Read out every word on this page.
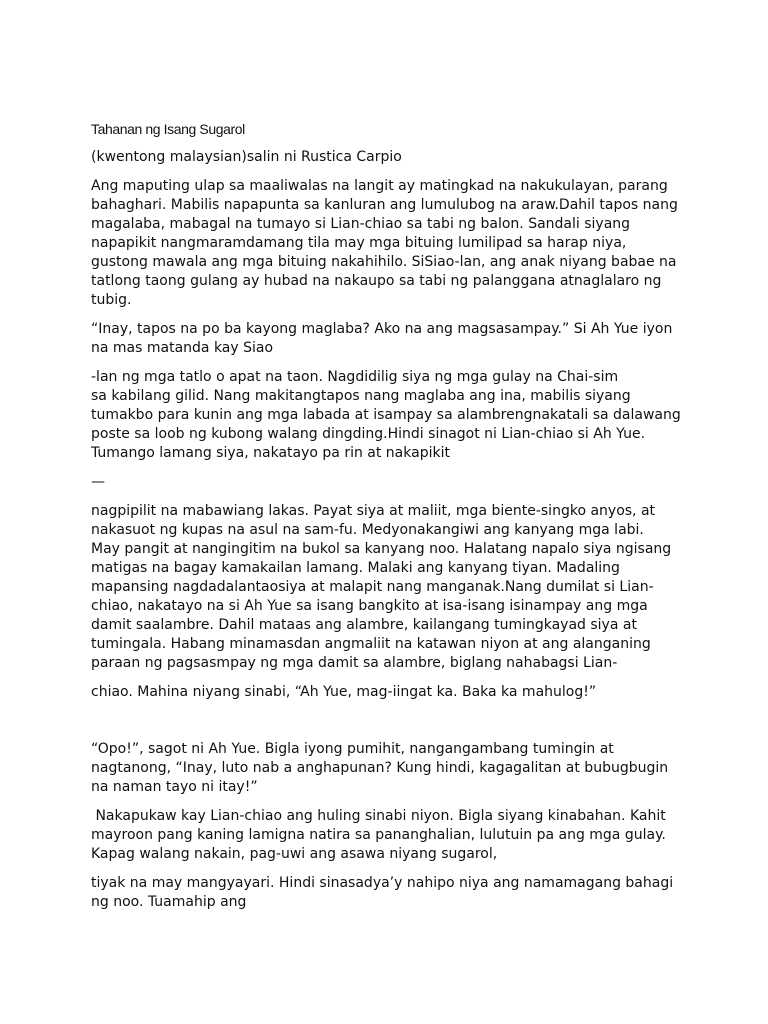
Tahanan ng Isang Sugarol
(kwentong malaysian)salin ni Rustica Carpio
Ang maputing ulap sa maaliwalas na langit ay matingkad na nakukulayan, parang
bahaghari. Mabilis napapunta sa kanluran ang lumulubog na araw.Dahil tapos nang
magalaba, mabagal na tumayo si Lian-chiao sa tabi ng balon. Sandali siyang
napapikit nangmaramdamang tila may mga bituing lumilipad sa harap niya,
gustong mawala ang mga bituing nakahihilo. SiSiao-lan, ang anak niyang babae na
tatlong taong gulang ay hubad na nakaupo sa tabi ng palanggana atnaglalaro ng
tubig.
“Inay, tapos na po ba kayong maglaba? Ako na ang magsasampay.” Si Ah Yue iyon
na mas matanda kay Siao
-lan ng mga tatlo o apat na taon. Nagdidilig siya ng mga gulay na Chai-sim
sa kabilang gilid. Nang makitangtapos nang maglaba ang ina, mabilis siyang
tumakbo para kunin ang mga labada at isampay sa alambrengnakatali sa dalawang
poste sa loob ng kubong walang dingding.Hindi sinagot ni Lian-chiao si Ah Yue.
Tumango lamang siya, nakatayo pa rin at nakapikit
—
nagpipilit na mabawiang lakas. Payat siya at maliit, mga biente-singko anyos, at
nakasuot ng kupas na asul na sam-fu. Medyonakangiwi ang kanyang mga labi.
May pangit at nangingitim na bukol sa kanyang noo. Halatang napalo siya ngisang
matigas na bagay kamakailan lamang. Malaki ang kanyang tiyan. Madaling
mapansing nagdadalantaosiya at malapit nang manganak.Nang dumilat si Lian-
chiao, nakatayo na si Ah Yue sa isang bangkito at isa-isang isinampay ang mga
damit saalambre. Dahil mataas ang alambre, kailangang tumingkayad siya at
tumingala. Habang minamasdan angmaliit na katawan niyon at ang alanganing
paraan ng pagsasmpay ng mga damit sa alambre, biglang nahabagsi Lian-
chiao. Mahina niyang sinabi, “Ah Yue, mag-iingat ka. Baka ka mahulog!”
“Opo!”, sagot ni Ah Yue. Bigla iyong pumihit, nangangambang tumingin at
nagtanong, “Inay, luto nab a anghapunan? Kung hindi, kagagalitan at bubugbugin
na naman tayo ni itay!”
Nakapukaw kay Lian-chiao ang huling sinabi niyon. Bigla siyang kinabahan. Kahit
mayroon pang kaning lamigna natira sa pananghalian, lulutuin pa ang mga gulay.
Kapag walang nakain, pag-uwi ang asawa niyang sugarol,
tiyak na may mangyayari. Hindi sinasadya’y nahipo niya ang namamagang bahagi
ng noo. Tuamahip ang
